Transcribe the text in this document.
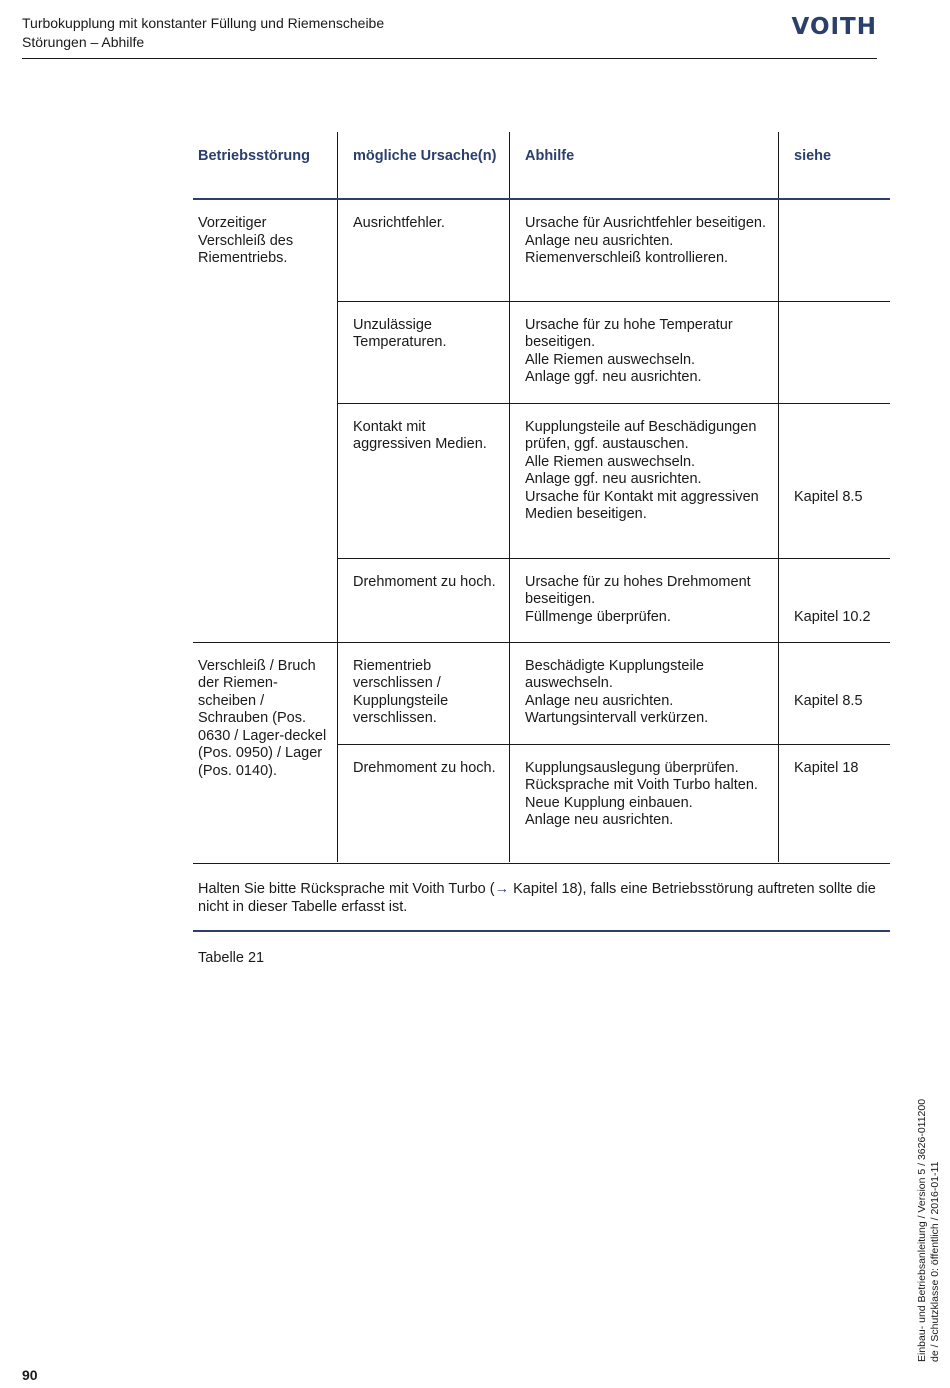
Turbokupplung mit konstanter Füllung und Riemenscheibe
Störungen – Abhilfe
VOITH
Betriebsstörung	mögliche Ursache(n)	Abhilfe	siehe

Vorzeitiger Verschleiß des Riementriebs.	Ausrichtfehler.	Ursache für Ausrichtfehler beseitigen.
Anlage neu ausrichten.
Riemenverschleiß kontrollieren.	

	Unzulässige Temperaturen.	Ursache für zu hohe Temperatur beseitigen.
Alle Riemen auswechseln.
Anlage ggf. neu ausrichten.	

	Kontakt mit aggressiven Medien.	Kupplungsteile auf Beschädigungen prüfen, ggf. austauschen.
Alle Riemen auswechseln.
Anlage ggf. neu ausrichten.
Ursache für Kontakt mit aggressiven Medien beseitigen.	Kapitel 8.5

	Drehmoment zu hoch.	Ursache für zu hohes Drehmoment beseitigen.
Füllmenge überprüfen.	Kapitel 10.2

Verschleiß / Bruch der Riemen-scheiben / Schrauben (Pos. 0630 / Lager-deckel (Pos. 0950) / Lager (Pos. 0140).	Riementrieb verschlissen / Kupplungsteile verschlissen.	Beschädigte Kupplungsteile auswechseln.
Anlage neu ausrichten.
Wartungsintervall verkürzen.	Kapitel 8.5

	Drehmoment zu hoch.	Kupplungsauslegung überprüfen.
Rücksprache mit Voith Turbo halten.
Neue Kupplung einbauen.
Anlage neu ausrichten.	Kapitel 18
Halten Sie bitte Rücksprache mit Voith Turbo (→ Kapitel 18), falls eine Betriebsstörung auftreten sollte die nicht in dieser Tabelle erfasst ist.
Tabelle 21
90
Einbau- und Betriebsanleitung / Version 5 / 3626-011200 de / Schutzklasse 0: öffentlich / 2016-01-11
